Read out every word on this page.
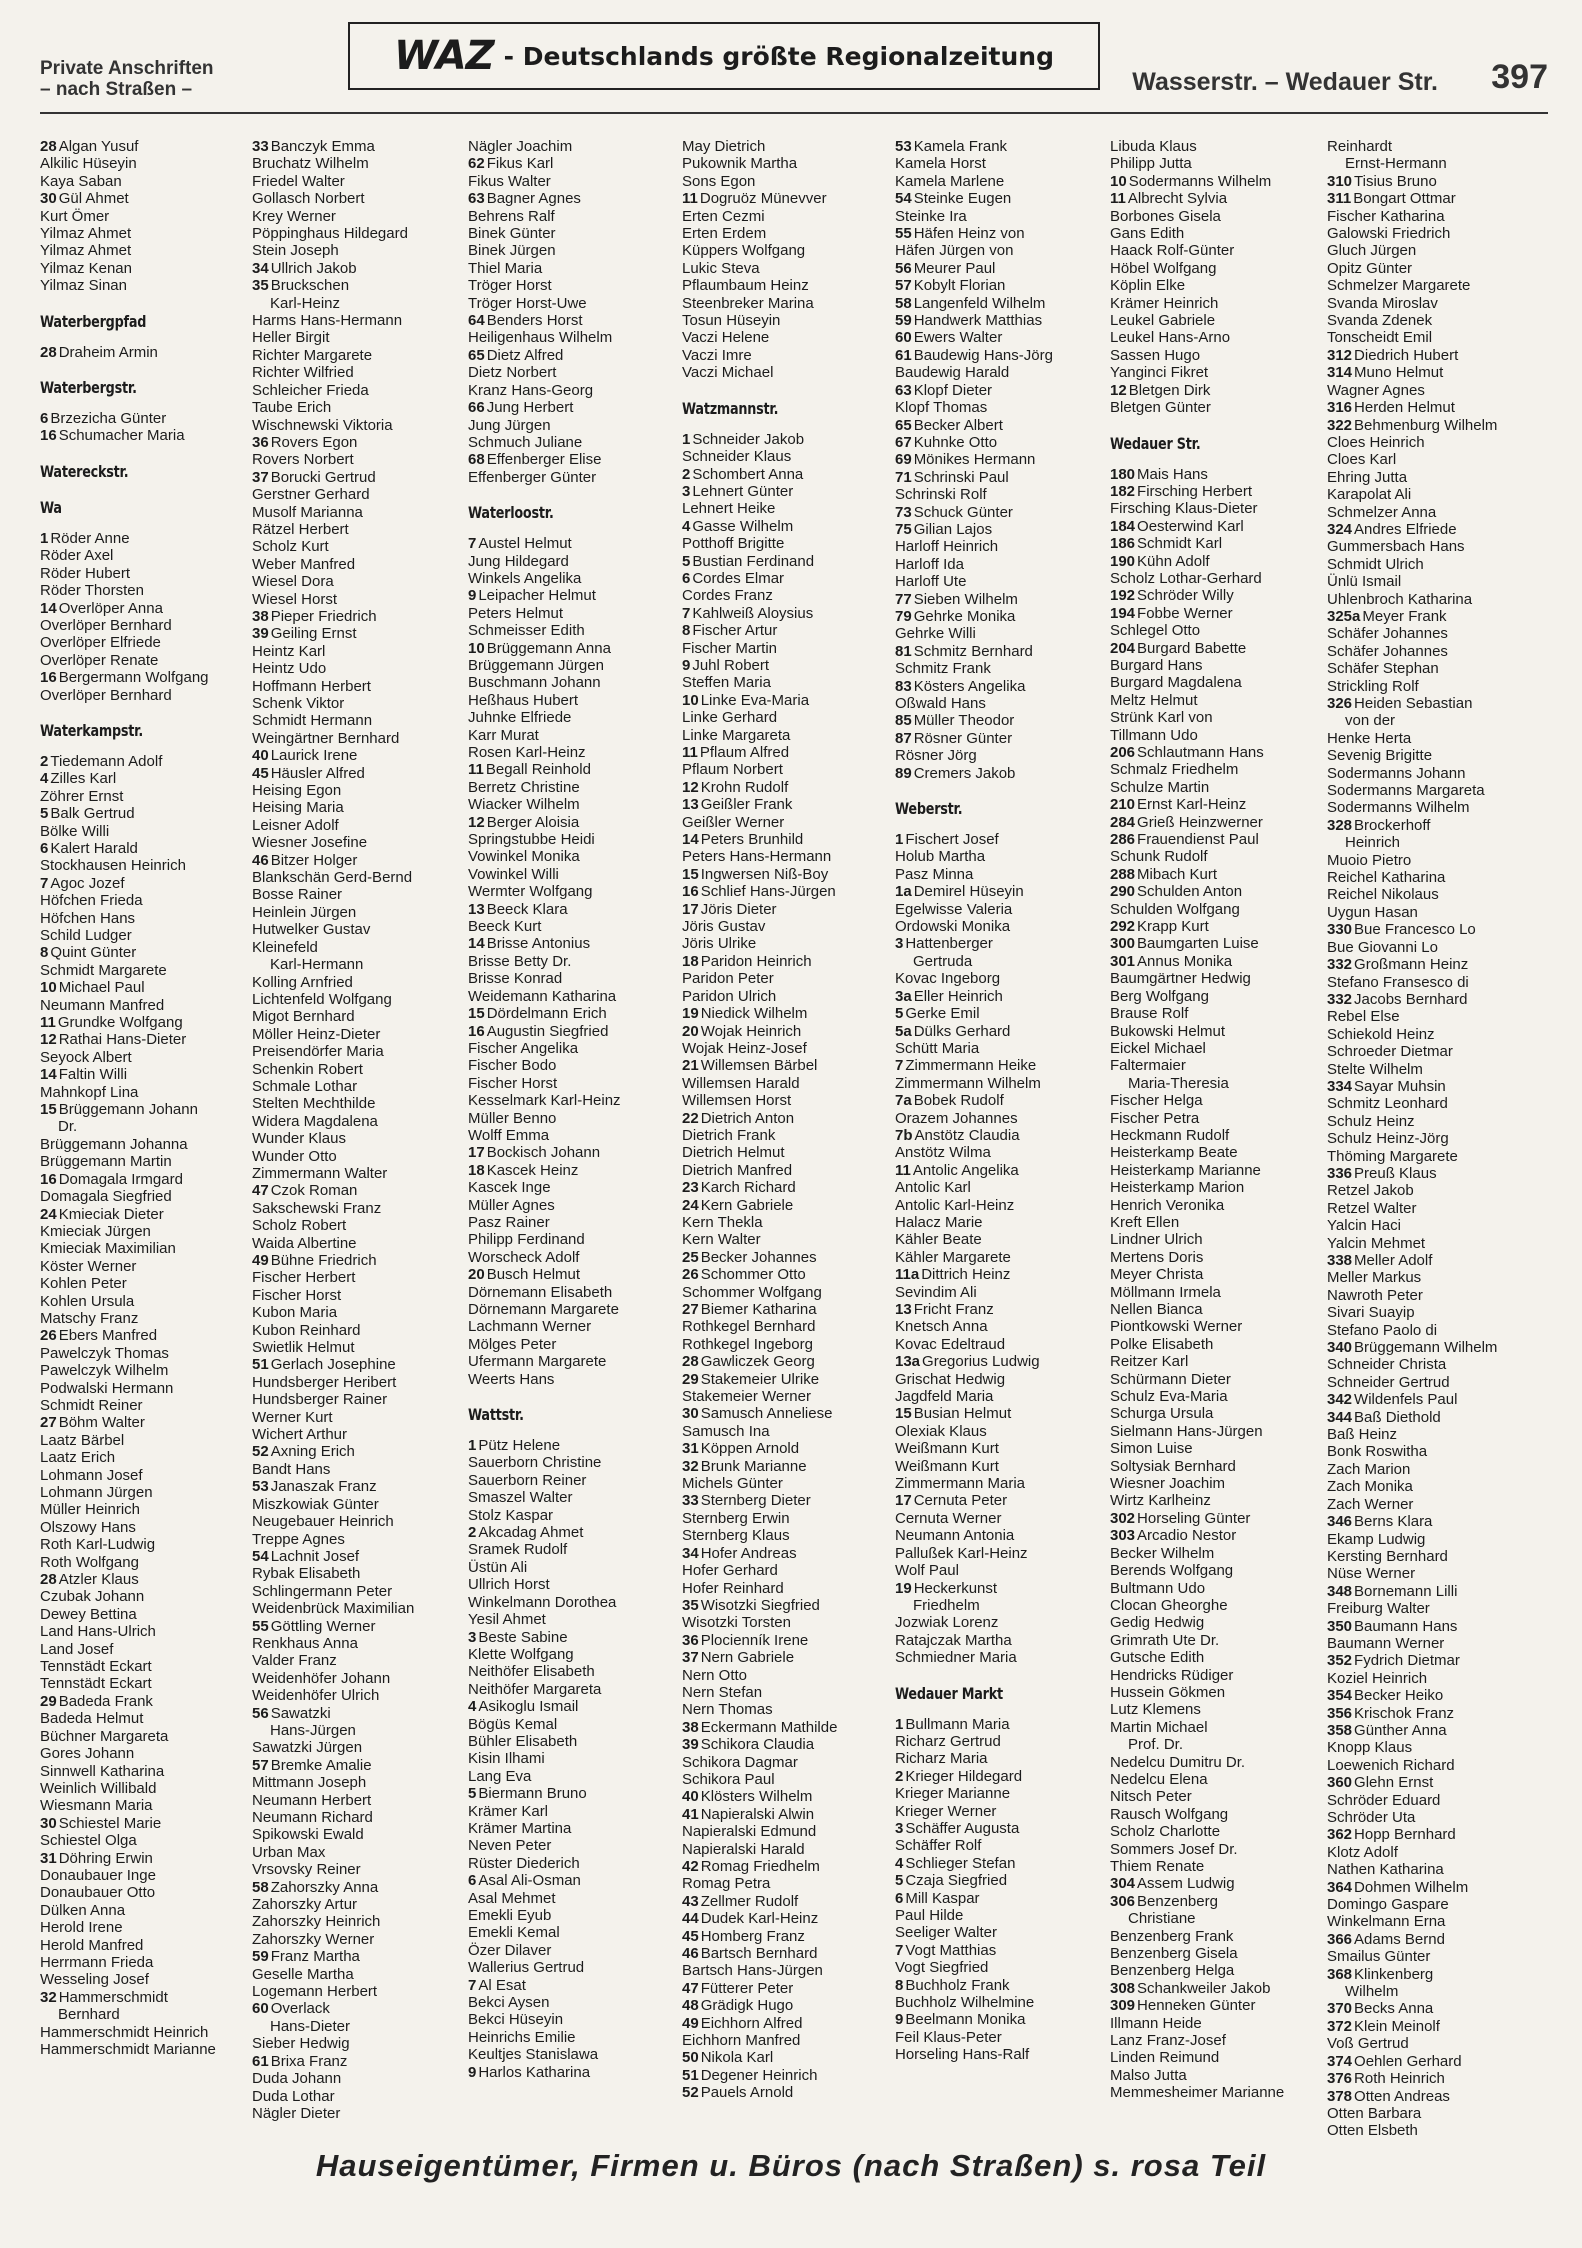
Private Anschriften
– nach Straßen –
WAZ - Deutschlands größte Regionalzeitung
Wasserstr. – Wedauer Str. 397
28 Algan Yusuf
Alkilic Hüseyin
Kaya Saban
30 Gül Ahmet
Kurt Ömer
Yilmaz Ahmet
Yilmaz Ahmet
Yilmaz Kenan
Yilmaz Sinan
Waterbergpfad
28 Draheim Armin
Waterbergstr.
6 Brzezicha Günter
16 Schumacher Maria
Watereckstr.
Wa
1 Röder Anne
Röder Axel
Röder Hubert
Röder Thorsten
14 Overlöper Anna
Overlöper Bernhard
Overlöper Elfriede
Overlöper Renate
16 Bergermann Wolfgang
Overlöper Bernhard
Waterkampstr.
2 Tiedemann Adolf
4 Zilles Karl
Zöhrer Ernst
5 Balk Gertrud
Bölke Willi
6 Kalert Harald
Stockhausen Heinrich
7 Agoc Jozef
Höfchen Frieda
Höfchen Hans
Schild Ludger
8 Quint Günter
Schmidt Margarete
10 Michael Paul
Neumann Manfred
11 Grundke Wolfgang
12 Rathai Hans-Dieter
Seyock Albert
14 Faltin Willi
Mahnkopf Lina
15 Brüggemann Johann
Dr.
Brüggemann Johanna
Brüggemann Martin
16 Domagala Irmgard
Domagala Siegfried
24 Kmieciak Dieter
Kmieciak Jürgen
Kmieciak Maximilian
Köster Werner
Kohlen Peter
Kohlen Ursula
Matschy Franz
26 Ebers Manfred
Pawelczyk Thomas
Pawelczyk Wilhelm
Podwalski Hermann
Schmidt Reiner
27 Böhm Walter
Laatz Bärbel
Laatz Erich
Lohmann Josef
Lohmann Jürgen
Müller Heinrich
Olszowy Hans
Roth Karl-Ludwig
Roth Wolfgang
28 Atzler Klaus
Czubak Johann
Dewey Bettina
Land Hans-Ulrich
Land Josef
Tennstädt Eckart
Tennstädt Eckart
29 Badeda Frank
Badeda Helmut
Büchner Margareta
Gores Johann
Sinnwell Katharina
Weinlich Willibald
Wiesmann Maria
30 Schiestel Marie
Schiestel Olga
31 Döhring Erwin
Donaubauer Inge
Donaubauer Otto
Dülken Anna
Herold Irene
Herold Manfred
Herrmann Frieda
Wesseling Josef
32 Hammerschmidt
Bernhard
Hammerschmidt Heinrich
Hammerschmidt Marianne
33 Banczyk Emma
Bruchatz Wilhelm
Friedel Walter
Gollasch Norbert
Krey Werner
Pöppinghaus Hildegard
Stein Joseph
34 Ullrich Jakob
35 Bruckschen
Karl-Heinz
Harms Hans-Hermann
Heller Birgit
Richter Margarete
Richter Wilfried
Schleicher Frieda
Taube Erich
Wischnewski Viktoria
36 Rovers Egon
Rovers Norbert
37 Borucki Gertrud
Gerstner Gerhard
Musolf Marianna
Rätzel Herbert
Scholz Kurt
Weber Manfred
Wiesel Dora
Wiesel Horst
38 Pieper Friedrich
39 Geiling Ernst
Heintz Karl
Heintz Udo
Hoffmann Herbert
Schenk Viktor
Schmidt Hermann
Weingärtner Bernhard
40 Laurick Irene
45 Häusler Alfred
Heising Egon
Heising Maria
Leisner Adolf
Wiesner Josefine
46 Bitzer Holger
Blankschän Gerd-Bernd
Bosse Rainer
Heinlein Jürgen
Hutwelker Gustav
Kleinefeld
Karl-Hermann
Kolling Arnfried
Lichtenfeld Wolfgang
Migot Bernhard
Möller Heinz-Dieter
Preisendörfer Maria
Schenkin Robert
Schmale Lothar
Stelten Mechthilde
Widera Magdalena
Wunder Klaus
Wunder Otto
Zimmermann Walter
47 Czok Roman
Sakschewski Franz
Scholz Robert
Waida Albertine
49 Bühne Friedrich
Fischer Herbert
Fischer Horst
Kubon Maria
Kubon Reinhard
Swietlik Helmut
51 Gerlach Josephine
Hundsberger Heribert
Hundsberger Rainer
Werner Kurt
Wichert Arthur
52 Axning Erich
Bandt Hans
53 Janaszak Franz
Miszkowiak Günter
Neugebauer Heinrich
Treppe Agnes
54 Lachnit Josef
Rybak Elisabeth
Schlingermann Peter
Weidenbrück Maximilian
55 Göttling Werner
Renkhaus Anna
Valder Franz
Weidenhöfer Johann
Weidenhöfer Ulrich
56 Sawatzki
Hans-Jürgen
Sawatzki Jürgen
57 Bremke Amalie
Mittmann Joseph
Neumann Herbert
Neumann Richard
Spikowski Ewald
Urban Max
Vrsovsky Reiner
58 Zahorszky Anna
Zahorszky Artur
Zahorszky Heinrich
Zahorszky Werner
59 Franz Martha
Geselle Martha
Logemann Herbert
60 Overlack
Hans-Dieter
Sieber Hedwig
61 Brixa Franz
Duda Johann
Duda Lothar
Nägler Dieter
Nägler Joachim
62 Fikus Karl
Fikus Walter
63 Bagner Agnes
Behrens Ralf
Binek Günter
Binek Jürgen
Thiel Maria
Tröger Horst
Tröger Horst-Uwe
64 Benders Horst
Heiligenhaus Wilhelm
65 Dietz Alfred
Dietz Norbert
Kranz Hans-Georg
66 Jung Herbert
Jung Jürgen
Schmuch Juliane
68 Effenberger Elise
Effenberger Günter
Waterloostr.
7 Austel Helmut
Jung Hildegard
Winkels Angelika
9 Leipacher Helmut
Peters Helmut
Schmeisser Edith
10 Brüggemann Anna
Brüggemann Jürgen
Buschmann Johann
Heßhaus Hubert
Juhnke Elfriede
Karr Murat
Rosen Karl-Heinz
11 Begall Reinhold
Berretz Christine
Wiacker Wilhelm
12 Berger Aloisia
Springstubbe Heidi
Vowinkel Monika
Vowinkel Willi
Wermter Wolfgang
13 Beeck Klara
Beeck Kurt
14 Brisse Antonius
Brisse Betty Dr.
Brisse Konrad
Weidemann Katharina
15 Dördelmann Erich
16 Augustin Siegfried
Fischer Angelika
Fischer Bodo
Fischer Horst
Kesselmark Karl-Heinz
Müller Benno
Wolff Emma
17 Bockisch Johann
18 Kascek Heinz
Kascek Inge
Müller Agnes
Pasz Rainer
Philipp Ferdinand
Worscheck Adolf
20 Busch Helmut
Dörnemann Elisabeth
Dörnemann Margarete
Lachmann Werner
Mölges Peter
Ufermann Margarete
Weerts Hans
Wattstr.
1 Pütz Helene
Sauerborn Christine
Sauerborn Reiner
Smaszel Walter
Stolz Kaspar
2 Akcadag Ahmet
Sramek Rudolf
Üstün Ali
Ullrich Horst
Winkelmann Dorothea
Yesil Ahmet
3 Beste Sabine
Klette Wolfgang
Neithöfer Elisabeth
Neithöfer Margareta
4 Asikoglu Ismail
Bögüs Kemal
Bühler Elisabeth
Kisin Ilhami
Lang Eva
5 Biermann Bruno
Krämer Karl
Krämer Martina
Neven Peter
Rüster Diederich
6 Asal Ali-Osman
Asal Mehmet
Emekli Eyub
Emekli Kemal
Özer Dilaver
Wallerius Gertrud
7 Al Esat
Bekci Aysen
Bekci Hüseyin
Heinrichs Emilie
Keultjes Stanislawa
9 Harlos Katharina
May Dietrich
Pukownik Martha
Sons Egon
11 Dogruöz Münevver
Erten Cezmi
Erten Erdem
Küppers Wolfgang
Lukic Steva
Pflaumbaum Heinz
Steenbreker Marina
Tosun Hüseyin
Vaczi Helene
Vaczi Imre
Vaczi Michael
Watzmannstr.
1 Schneider Jakob
Schneider Klaus
2 Schombert Anna
3 Lehnert Günter
Lehnert Heike
4 Gasse Wilhelm
Potthoff Brigitte
5 Bustian Ferdinand
6 Cordes Elmar
Cordes Franz
7 Kahlweiß Aloysius
8 Fischer Artur
Fischer Martin
9 Juhl Robert
Steffen Maria
10 Linke Eva-Maria
Linke Gerhard
Linke Margareta
11 Pflaum Alfred
Pflaum Norbert
12 Krohn Rudolf
13 Geißler Frank
Geißler Werner
14 Peters Brunhild
Peters Hans-Hermann
15 Ingwersen Niß-Boy
16 Schlief Hans-Jürgen
17 Jöris Dieter
Jöris Gustav
Jöris Ulrike
18 Paridon Heinrich
Paridon Peter
Paridon Ulrich
19 Niedick Wilhelm
20 Wojak Heinrich
Wojak Heinz-Josef
21 Willemsen Bärbel
Willemsen Harald
Willemsen Horst
22 Dietrich Anton
Dietrich Frank
Dietrich Helmut
Dietrich Manfred
23 Karch Richard
24 Kern Gabriele
Kern Thekla
Kern Walter
25 Becker Johannes
26 Schommer Otto
Schommer Wolfgang
27 Biemer Katharina
Rothkegel Bernhard
Rothkegel Ingeborg
28 Gawliczek Georg
29 Stakemeier Ulrike
Stakemeier Werner
30 Samusch Anneliese
Samusch Ina
31 Köppen Arnold
32 Brunk Marianne
Michels Günter
33 Sternberg Dieter
Sternberg Erwin
Sternberg Klaus
34 Hofer Andreas
Hofer Gerhard
Hofer Reinhard
35 Wisotzki Siegfried
Wisotzki Torsten
36 Plocienník Irene
37 Nern Gabriele
Nern Otto
Nern Stefan
Nern Thomas
38 Eckermann Mathilde
39 Schikora Claudia
Schikora Dagmar
Schikora Paul
40 Klösters Wilhelm
41 Napieralski Alwin
Napieralski Edmund
Napieralski Harald
42 Romag Friedhelm
Romag Petra
43 Zellmer Rudolf
44 Dudek Karl-Heinz
45 Homberg Franz
46 Bartsch Bernhard
Bartsch Hans-Jürgen
47 Fütterer Peter
48 Grädigk Hugo
49 Eichhorn Alfred
Eichhorn Manfred
50 Nikola Karl
51 Degener Heinrich
52 Pauels Arnold
53 Kamela Frank
Kamela Horst
Kamela Marlene
54 Steinke Eugen
Steinke Ira
55 Häfen Heinz von
Häfen Jürgen von
56 Meurer Paul
57 Kobylt Florian
58 Langenfeld Wilhelm
59 Handwerk Matthias
60 Ewers Walter
61 Baudewig Hans-Jörg
Baudewig Harald
63 Klopf Dieter
Klopf Thomas
65 Becker Albert
67 Kuhnke Otto
69 Mönikes Hermann
71 Schrinski Paul
Schrinski Rolf
73 Schuck Günter
75 Gilian Lajos
Harloff Heinrich
Harloff Ida
Harloff Ute
77 Sieben Wilhelm
79 Gehrke Monika
Gehrke Willi
81 Schmitz Bernhard
Schmitz Frank
83 Kösters Angelika
Oßwald Hans
85 Müller Theodor
87 Rösner Günter
Rösner Jörg
89 Cremers Jakob
Weberstr.
1 Fischert Josef
Holub Martha
Pasz Minna
1a Demirel Hüseyin
Egelwisse Valeria
Ordowski Monika
3 Hattenberger
Gertruda
Kovac Ingeborg
3a Eller Heinrich
5 Gerke Emil
5a Dülks Gerhard
Schütt Maria
7 Zimmermann Heike
Zimmermann Wilhelm
7a Bobek Rudolf
Orazem Johannes
7b Anstötz Claudia
Anstötz Wilma
11 Antolic Angelika
Antolic Karl
Antolic Karl-Heinz
Halacz Marie
Kähler Beate
Kähler Margarete
11a Dittrich Heinz
Sevindim Ali
13 Fricht Franz
Knetsch Anna
Kovac Edeltraud
13a Gregorius Ludwig
Grischat Hedwig
Jagdfeld Maria
15 Busian Helmut
Olexiak Klaus
Weißmann Kurt
Weißmann Kurt
Zimmermann Maria
17 Cernuta Peter
Cernuta Werner
Neumann Antonia
Pallußek Karl-Heinz
Wolf Paul
19 Heckerkunst
Friedhelm
Jozwiak Lorenz
Ratajczak Martha
Schmiedner Maria
Wedauer Markt
1 Bullmann Maria
Richarz Gertrud
Richarz Maria
2 Krieger Hildegard
Krieger Marianne
Krieger Werner
3 Schäffer Augusta
Schäffer Rolf
4 Schlieger Stefan
5 Czaja Siegfried
6 Mill Kaspar
Paul Hilde
Seeliger Walter
7 Vogt Matthias
Vogt Siegfried
8 Buchholz Frank
Buchholz Wilhelmine
9 Beelmann Monika
Feil Klaus-Peter
Horseling Hans-Ralf
Libuda Klaus
Philipp Jutta
10 Sodermanns Wilhelm
11 Albrecht Sylvia
Borbones Gisela
Gans Edith
Haack Rolf-Günter
Höbel Wolfgang
Köplin Elke
Krämer Heinrich
Leukel Gabriele
Leukel Hans-Arno
Sassen Hugo
Yanginci Fikret
12 Bletgen Dirk
Bletgen Günter
Wedauer Str.
180 Mais Hans
182 Firsching Herbert
Firsching Klaus-Dieter
184 Oesterwind Karl
186 Schmidt Karl
190 Kühn Adolf
Scholz Lothar-Gerhard
192 Schröder Willy
194 Fobbe Werner
Schlegel Otto
204 Burgard Babette
Burgard Hans
Burgard Magdalena
Meltz Helmut
Strünk Karl von
Tillmann Udo
206 Schlautmann Hans
Schmalz Friedhelm
Schulze Martin
210 Ernst Karl-Heinz
284 Grieß Heinzwerner
286 Frauendienst Paul
Schunk Rudolf
288 Mibach Kurt
290 Schulden Anton
Schulden Wolfgang
292 Krapp Kurt
300 Baumgarten Luise
301 Annus Monika
Baumgärtner Hedwig
Berg Wolfgang
Brause Rolf
Bukowski Helmut
Eickel Michael
Faltermaier
Maria-Theresia
Fischer Helga
Fischer Petra
Heckmann Rudolf
Heisterkamp Beate
Heisterkamp Marianne
Heisterkamp Marion
Henrich Veronika
Kreft Ellen
Lindner Ulrich
Mertens Doris
Meyer Christa
Möllmann Irmela
Nellen Bianca
Piontkowski Werner
Polke Elisabeth
Reitzer Karl
Schürmann Dieter
Schulz Eva-Maria
Schurga Ursula
Sielmann Hans-Jürgen
Simon Luise
Soltysiak Bernhard
Wiesner Joachim
Wirtz Karlheinz
302 Horseling Günter
303 Arcadio Nestor
Becker Wilhelm
Berends Wolfgang
Bultmann Udo
Clocan Gheorghe
Gedig Hedwig
Grimrath Ute Dr.
Gutsche Edith
Hendricks Rüdiger
Hussein Gökmen
Lutz Klemens
Martin Michael
Prof. Dr.
Nedelcu Dumitru Dr.
Nedelcu Elena
Nitsch Peter
Rausch Wolfgang
Scholz Charlotte
Sommers Josef Dr.
Thiem Renate
304 Assem Ludwig
306 Benzenberg
Christiane
Benzenberg Frank
Benzenberg Gisela
Benzenberg Helga
308 Schankweiler Jakob
309 Henneken Günter
Illmann Heide
Lanz Franz-Josef
Linden Reimund
Malso Jutta
Memmesheimer Marianne
Reinhardt
Ernst-Hermann
310 Tisius Bruno
311 Bongart Ottmar
Fischer Katharina
Galowski Friedrich
Gluch Jürgen
Opitz Günter
Schmelzer Margarete
Svanda Miroslav
Svanda Zdenek
Tonscheidt Emil
312 Diedrich Hubert
314 Muno Helmut
Wagner Agnes
316 Herden Helmut
322 Behmenburg Wilhelm
Cloes Heinrich
Cloes Karl
Ehring Jutta
Karapolat Ali
Schmelzer Anna
324 Andres Elfriede
Gummersbach Hans
Schmidt Ulrich
Ünlü Ismail
Uhlenbroch Katharina
325a Meyer Frank
Schäfer Johannes
Schäfer Johannes
Schäfer Stephan
Strickling Rolf
326 Heiden Sebastian
von der
Henke Herta
Sevenig Brigitte
Sodermanns Johann
Sodermanns Margareta
Sodermanns Wilhelm
328 Brockerhoff
Heinrich
Muoio Pietro
Reichel Katharina
Reichel Nikolaus
Uygun Hasan
330 Bue Francesco Lo
Bue Giovanni Lo
332 Großmann Heinz
Stefano Fransesco di
332 Jacobs Bernhard
Rebel Else
Schiekold Heinz
Schroeder Dietmar
Stelte Wilhelm
334 Sayar Muhsin
Schmitz Leonhard
Schulz Heinz
Schulz Heinz-Jörg
Thöming Margarete
336 Preuß Klaus
Retzel Jakob
Retzel Walter
Yalcin Haci
Yalcin Mehmet
338 Meller Adolf
Meller Markus
Nawroth Peter
Sivari Suayip
Stefano Paolo di
340 Brüggemann Wilhelm
Schneider Christa
Schneider Gertrud
342 Wildenfels Paul
344 Baß Diethold
Baß Heinz
Bonk Roswitha
Zach Marion
Zach Monika
Zach Werner
346 Berns Klara
Ekamp Ludwig
Kersting Bernhard
Nüse Werner
348 Bornemann Lilli
Freiburg Walter
350 Baumann Hans
Baumann Werner
352 Fydrich Dietmar
Koziel Heinrich
354 Becker Heiko
356 Krischok Franz
358 Günther Anna
Knopp Klaus
Loewenich Richard
360 Glehn Ernst
Schröder Eduard
Schröder Uta
362 Hopp Bernhard
Klotz Adolf
Nathen Katharina
364 Dohmen Wilhelm
Domingo Gaspare
Winkelmann Erna
366 Adams Bernd
Smailus Günter
368 Klinkenberg
Wilhelm
370 Becks Anna
372 Klein Meinolf
Voß Gertrud
374 Oehlen Gerhard
376 Roth Heinrich
378 Otten Andreas
Otten Barbara
Otten Elsbeth
Hauseigentümer, Firmen u. Büros (nach Straßen) s. rosa Teil
